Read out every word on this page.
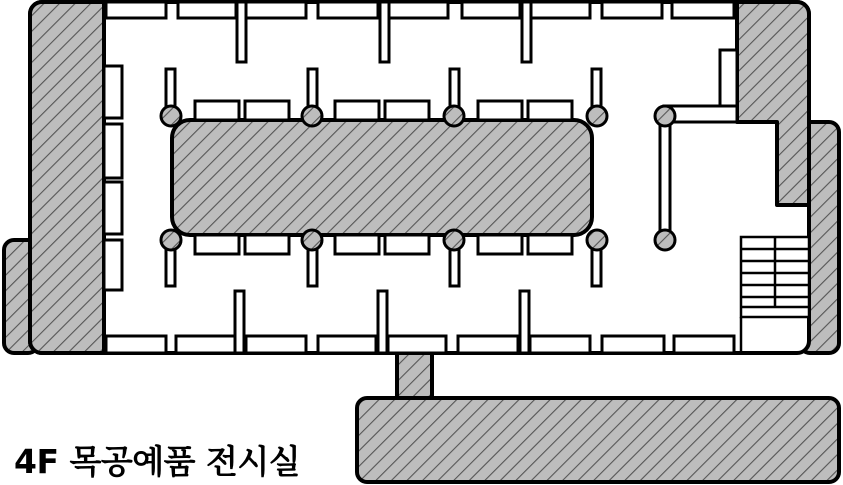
4F 목공예품 전시실
